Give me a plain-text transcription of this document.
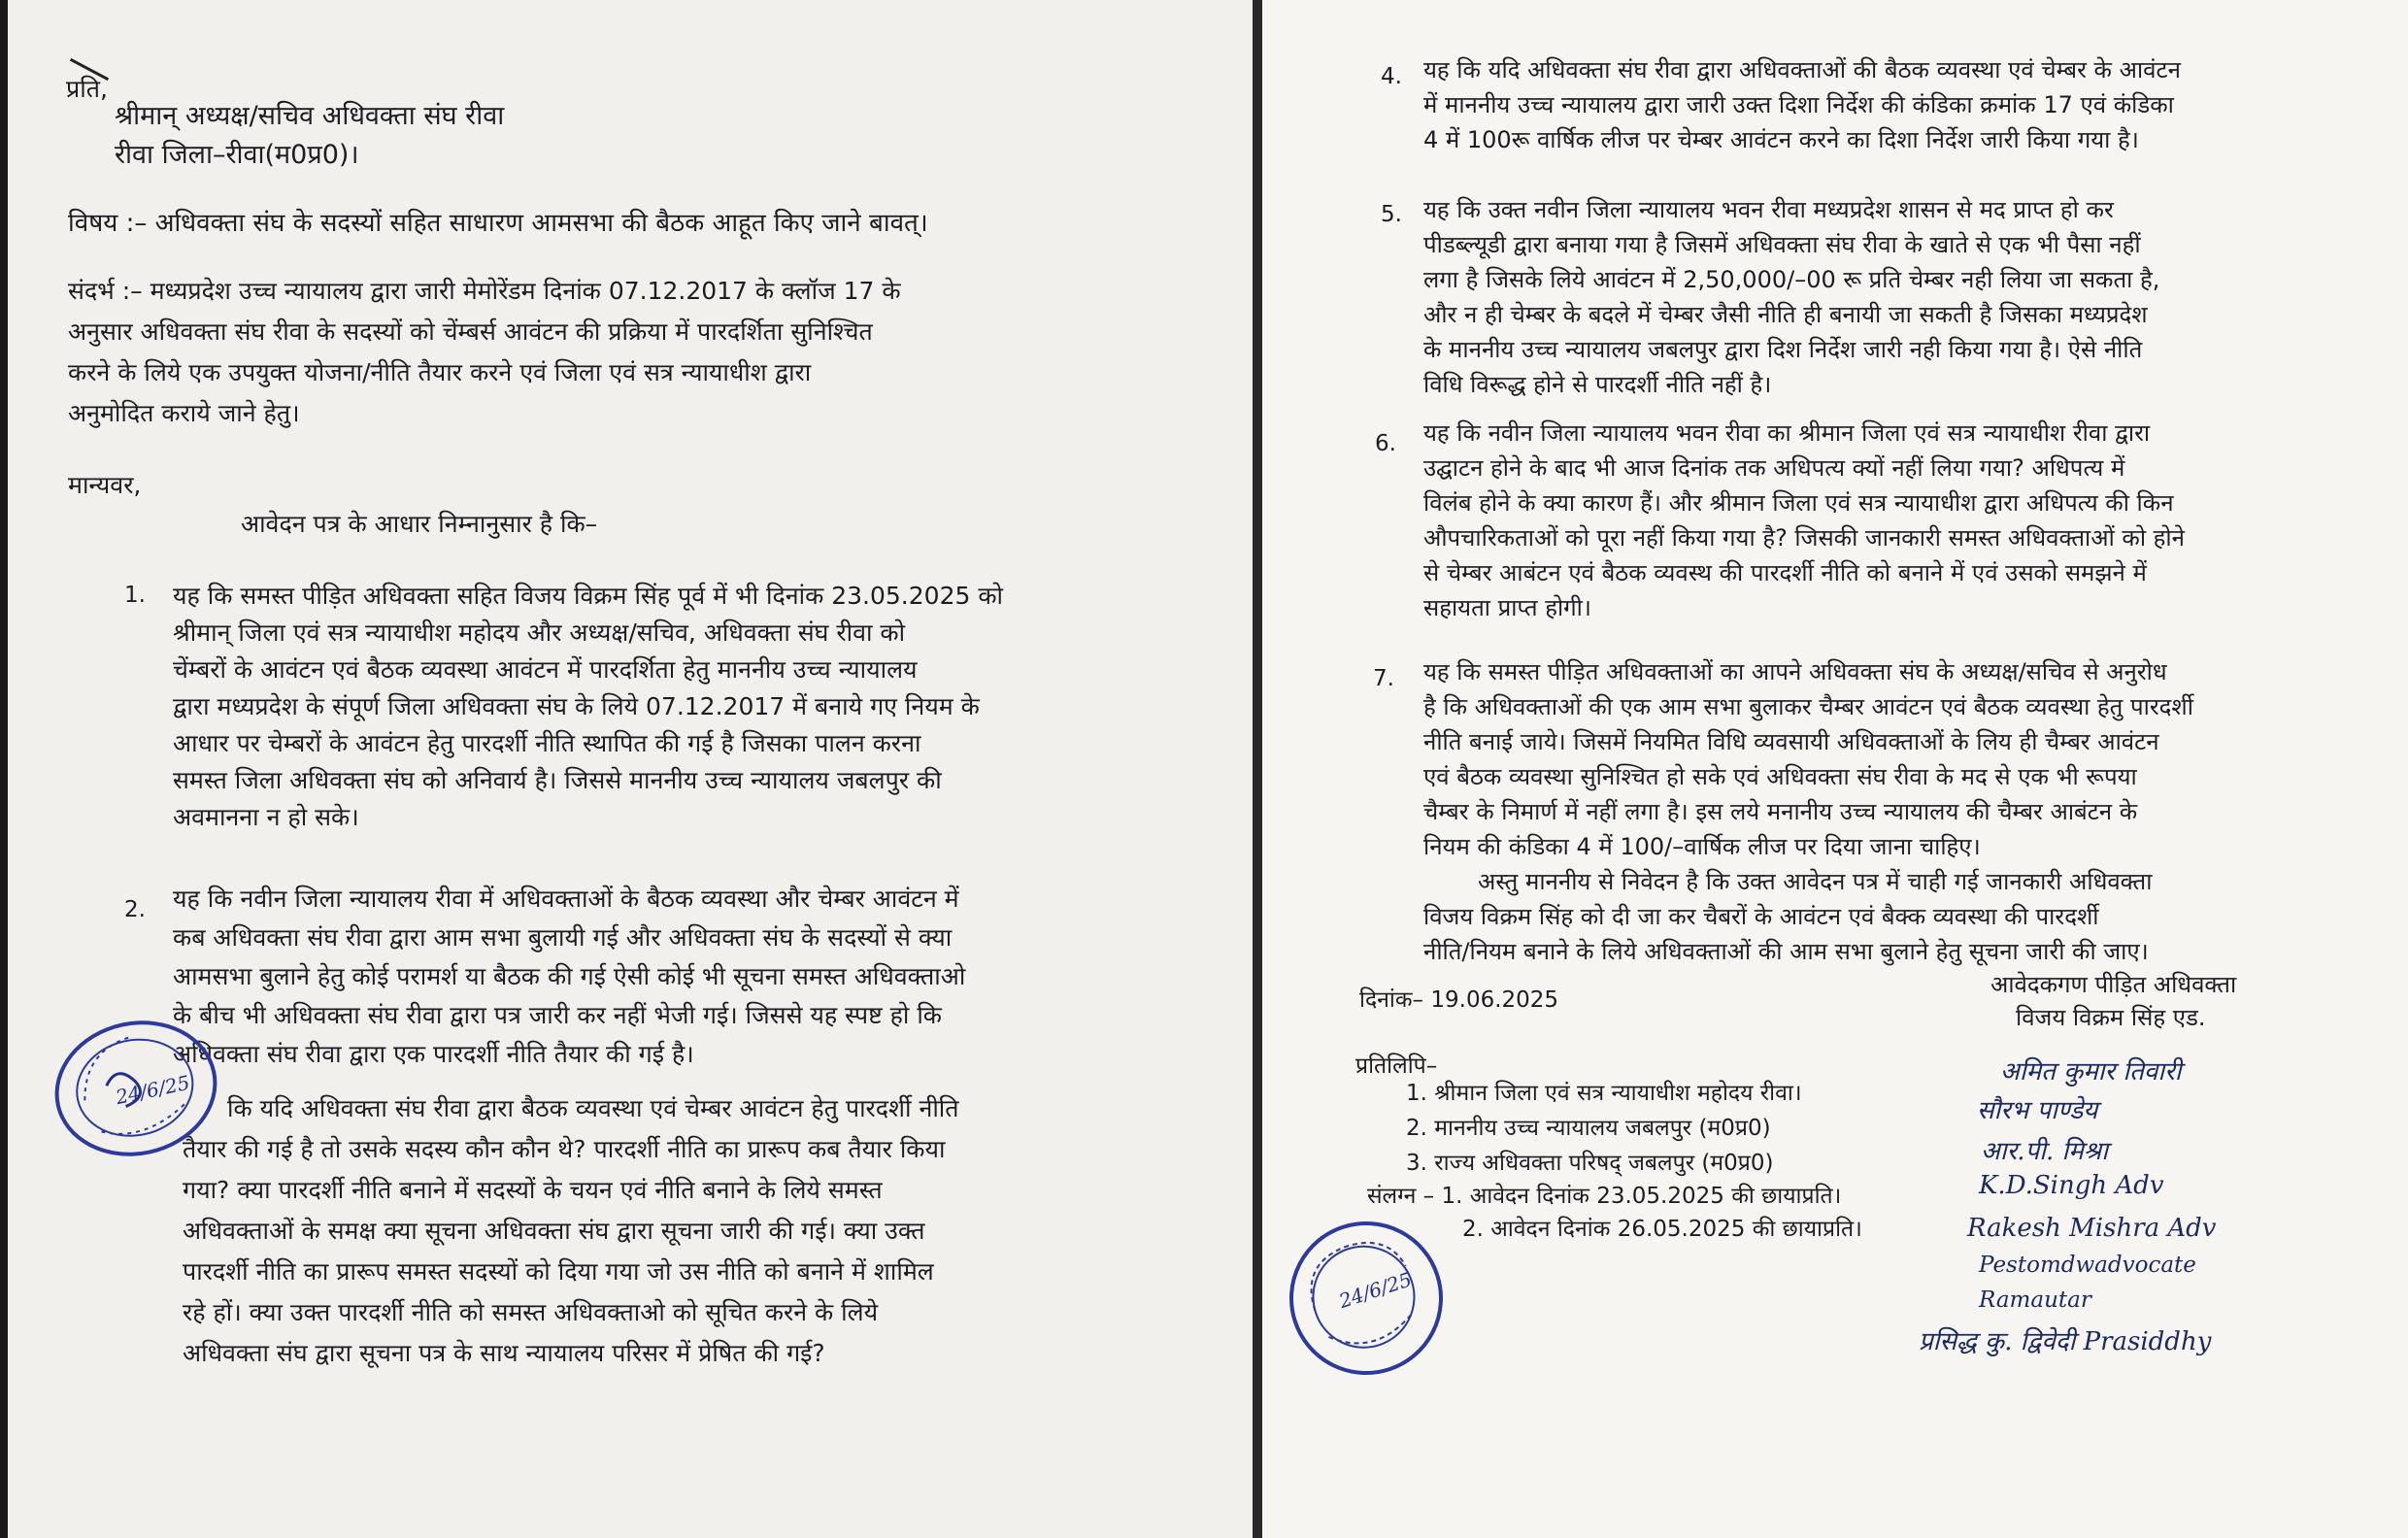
प्रति,
श्रीमान् अध्यक्ष/सचिव अधिवक्ता संघ रीवा
रीवा जिला–रीवा(म0प्र0)।
विषय :– अधिवक्ता संघ के सदस्यों सहित साधारण आमसभा की बैठक आहूत किए जाने बावत्।
संदर्भ :– मध्यप्रदेश उच्च न्यायालय द्वारा जारी मेमोरेंडम दिनांक 07.12.2017 के क्लॉज 17 के
अनुसार अधिवक्ता संघ रीवा के सदस्यों को चेंम्बर्स आवंटन की प्रक्रिया में पारदर्शिता सुनिश्चित
करने के लिये एक उपयुक्त योजना/नीति तैयार करने एवं जिला एवं सत्र न्यायाधीश द्वारा
अनुमोदित कराये जाने हेतु।
मान्यवर,
आवेदन पत्र के आधार निम्नानुसार है कि–
1. यह कि समस्त पीड़ित अधिवक्ता सहित विजय विक्रम सिंह पूर्व में भी दिनांक 23.05.2025 को
श्रीमान् जिला एवं सत्र न्यायाधीश महोदय और अध्यक्ष/सचिव, अधिवक्ता संघ रीवा को
चेंम्बरों के आवंटन एवं बैठक व्यवस्था आवंटन में पारदर्शिता हेतु माननीय उच्च न्यायालय
द्वारा मध्यप्रदेश के संपूर्ण जिला अधिवक्ता संघ के लिये 07.12.2017 में बनाये गए नियम के
आधार पर चेम्बरों के आवंटन हेतु पारदर्शी नीति स्थापित की गई है जिसका पालन करना
समस्त जिला अधिवक्ता संघ को अनिवार्य है। जिससे माननीय उच्च न्यायालय जबलपुर की
अवमानना न हो सके।
2. यह कि नवीन जिला न्यायालय रीवा में अधिवक्ताओं के बैठक व्यवस्था और चेम्बर आवंटन में
कब अधिवक्ता संघ रीवा द्वारा आम सभा बुलायी गई और अधिवक्ता संघ के सदस्यों से क्या
आमसभा बुलाने हेतु कोई परामर्श या बैठक की गई ऐसी कोई भी सूचना समस्त अधिवक्ताओ
के बीच भी अधिवक्ता संघ रीवा द्वारा पत्र जारी कर नहीं भेजी गई। जिससे यह स्पष्ट हो कि
अधिवक्ता संघ रीवा द्वारा एक पारदर्शी नीति तैयार की गई है।
कि यदि अधिवक्ता संघ रीवा द्वारा बैठक व्यवस्था एवं चेम्बर आवंटन हेतु पारदर्शी नीति
तैयार की गई है तो उसके सदस्य कौन कौन थे? पारदर्शी नीति का प्रारूप कब तैयार किया
गया? क्या पारदर्शी नीति बनाने में सदस्यों के चयन एवं नीति बनाने के लिये समस्त
अधिवक्ताओं के समक्ष क्या सूचना अधिवक्ता संघ द्वारा सूचना जारी की गई। क्या उक्त
पारदर्शी नीति का प्रारूप समस्त सदस्यों को दिया गया जो उस नीति को बनाने में शामिल
रहे हों। क्या उक्त पारदर्शी नीति को समस्त अधिवक्ताओ को सूचित करने के लिये
अधिवक्ता संघ द्वारा सूचना पत्र के साथ न्यायालय परिसर में प्रेषित की गई?
24/6/25
4. यह कि यदि अधिवक्ता संघ रीवा द्वारा अधिवक्ताओं की बैठक व्यवस्था एवं चेम्बर के आवंटन
में माननीय उच्च न्यायालय द्वारा जारी उक्त दिशा निर्देश की कंडिका क्रमांक 17 एवं कंडिका
4 में 100रू वार्षिक लीज पर चेम्बर आवंटन करने का दिशा निर्देश जारी किया गया है।
5. यह कि उक्त नवीन जिला न्यायालय भवन रीवा मध्यप्रदेश शासन से मद प्राप्त हो कर
पीडब्ल्यूडी द्वारा बनाया गया है जिसमें अधिवक्ता संघ रीवा के खाते से एक भी पैसा नहीं
लगा है जिसके लिये आवंटन में 2,50,000/–00 रू प्रति चेम्बर नही लिया जा सकता है,
और न ही चेम्बर के बदले में चेम्बर जैसी नीति ही बनायी जा सकती है जिसका मध्यप्रदेश
के माननीय उच्च न्यायालय जबलपुर द्वारा दिश निर्देश जारी नही किया गया है। ऐसे नीति
विधि विरूद्ध होने से पारदर्शी नीति नहीं है।
6. यह कि नवीन जिला न्यायालय भवन रीवा का श्रीमान जिला एवं सत्र न्यायाधीश रीवा द्वारा
उद्घाटन होने के बाद भी आज दिनांक तक अधिपत्य क्यों नहीं लिया गया? अधिपत्य में
विलंब होने के क्या कारण हैं। और श्रीमान जिला एवं सत्र न्यायाधीश द्वारा अधिपत्य की किन
औपचारिकताओं को पूरा नहीं किया गया है? जिसकी जानकारी समस्त अधिवक्ताओं को होने
से चेम्बर आबंटन एवं बैठक व्यवस्थ की पारदर्शी नीति को बनाने में एवं उसको समझने में
सहायता प्राप्त होगी।
7. यह कि समस्त पीड़ित अधिवक्ताओं का आपने अधिवक्ता संघ के अध्यक्ष/सचिव से अनुरोध
है कि अधिवक्ताओं की एक आम सभा बुलाकर चैम्बर आवंटन एवं बैठक व्यवस्था हेतु पारदर्शी
नीति बनाई जाये। जिसमें नियमित विधि व्यवसायी अधिवक्ताओं के लिय ही चैम्बर आवंटन
एवं बैठक व्यवस्था सुनिश्चित हो सके एवं अधिवक्ता संघ रीवा के मद से एक भी रूपया
चैम्बर के निमार्ण में नहीं लगा है। इस लये मनानीय उच्च न्यायालय की चैम्बर आबंटन के
नियम की कंडिका 4 में 100/–वार्षिक लीज पर दिया जाना चाहिए।
अस्तु माननीय से निवेदन है कि उक्त आवेदन पत्र में चाही गई जानकारी अधिवक्ता
विजय विक्रम सिंह को दी जा कर चैबरों के आवंटन एवं बैक्क व्यवस्था की पारदर्शी
नीति/नियम बनाने के लिये अधिवक्ताओं की आम सभा बुलाने हेतु सूचना जारी की जाए।
दिनांक– 19.06.2025
आवेदकगण पीड़ित अधिवक्ता
विजय विक्रम सिंह एड.
प्रतिलिपि–
1. श्रीमान जिला एवं सत्र न्यायाधीश महोदय रीवा।
2. माननीय उच्च न्यायालय जबलपुर (म0प्र0)
3. राज्य अधिवक्ता परिषद् जबलपुर (म0प्र0)
संलग्न – 1. आवेदन दिनांक 23.05.2025 की छायाप्रति।
2. आवेदन दिनांक 26.05.2025 की छायाप्रति।
24/6/25
अमित कुमार तिवारी
सौरभ पाण्डेय
आर.पी. मिश्रा
K.D.Singh Adv
Rakesh Mishra Adv
Pestomdwadvocate
Ramautar
प्रसिद्ध कु. द्विवेदी Prasiddhy
